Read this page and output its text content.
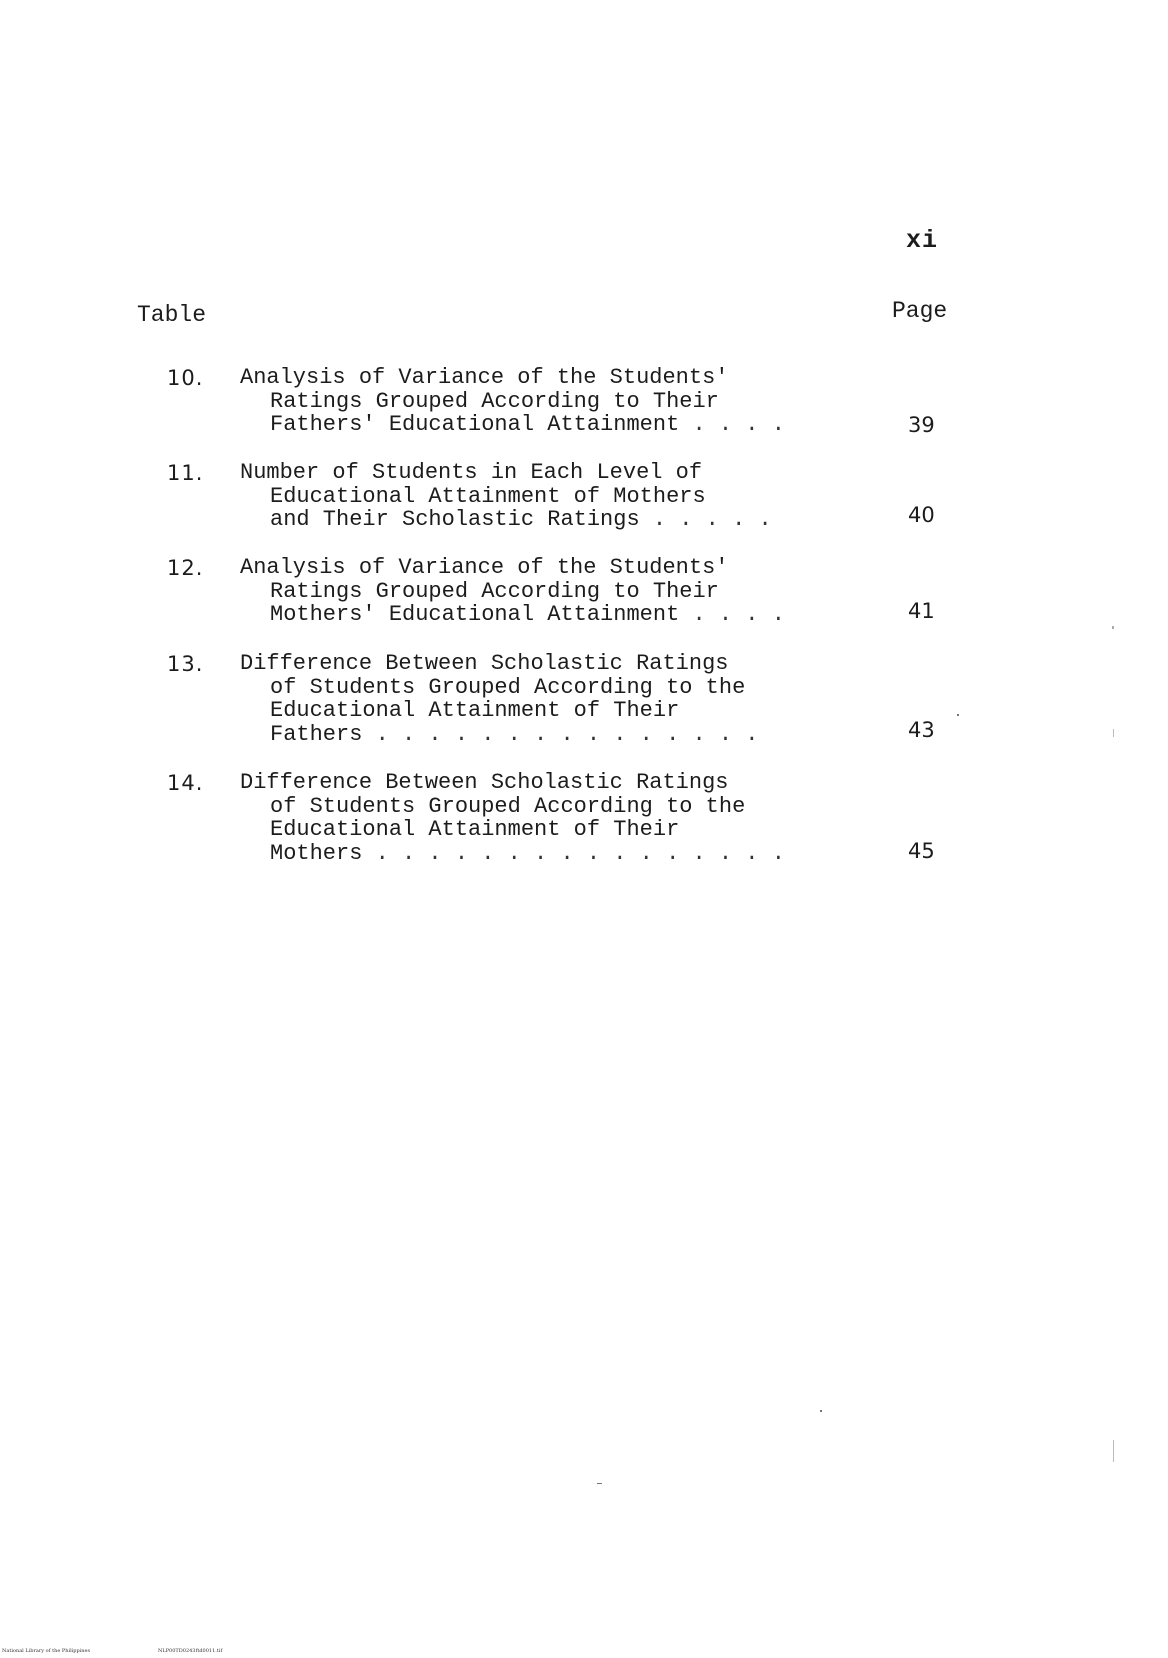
xi
Table	Page
10. Analysis of Variance of the Students'
Ratings Grouped According to Their
Fathers' Educational Attainment . . . .	39
11. Number of Students in Each Level of
Educational Attainment of Mothers
and Their Scholastic Ratings . . . . .	40
12. Analysis of Variance of the Students'
Ratings Grouped According to Their
Mothers' Educational Attainment . . . .	41
13. Difference Between Scholastic Ratings
of Students Grouped According to the
Educational Attainment of Their
Fathers . . . . . . . . . . . . . . .	43
14. Difference Between Scholastic Ratings
of Students Grouped According to the
Educational Attainment of Their
Mothers . . . . . . . . . . . . . . . .	45
National Library of the Philippines	NLP00TD0243ftd0011.tif
